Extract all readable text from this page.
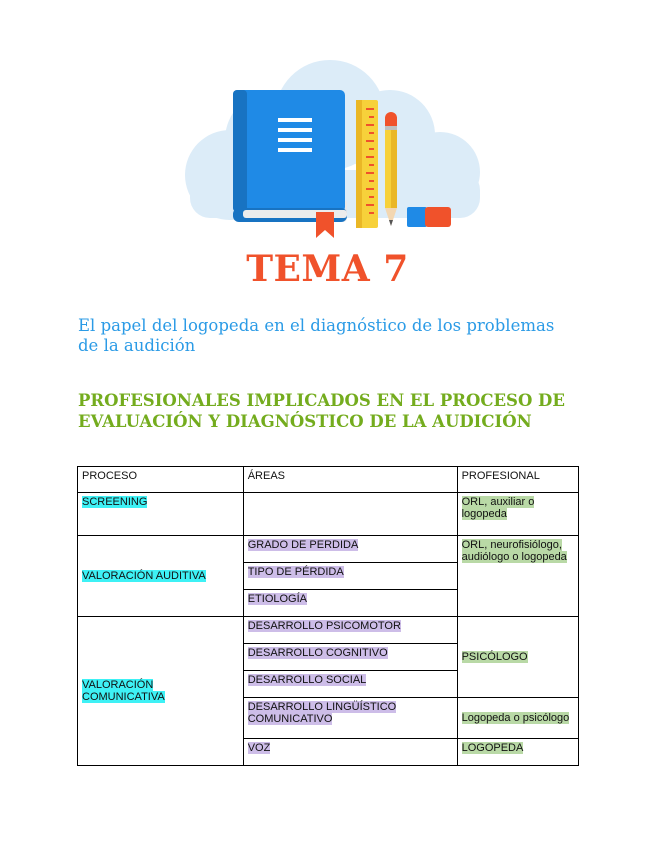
TEMA 7
El papel del logopeda en el diagnóstico de los problemas de la audición
PROFESIONALES IMPLICADOS EN EL PROCESO DE EVALUACIÓN Y DIAGNÓSTICO DE LA AUDICIÓN
PROCESO	ÁREAS	PROFESIONAL
SCREENING		ORL, auxiliar o logopeda
VALORACIÓN AUDITIVA	GRADO DE PERDIDA	ORL, neurofisiólogo, audiólogo o logopeda
	TIPO DE PÉRDIDA	
	ETIOLOGÍA	
VALORACIÓN COMUNICATIVA	DESARROLLO PSICOMOTOR	PSICÓLOGO
	DESARROLLO COGNITIVO	
	DESARROLLO SOCIAL	
	DESARROLLO LINGÜÍSTICO COMUNICATIVO	Logopeda o psicólogo
	VOZ	LOGOPEDA
